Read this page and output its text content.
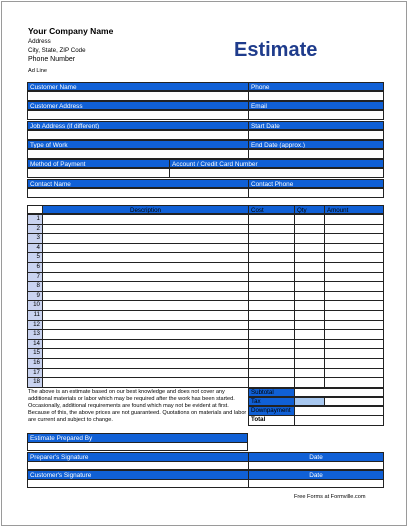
Your Company Name
Address
City, State, ZIP Code
Phone Number
Ad Line
Estimate
Customer Name	Phone
Customer Address	Email
Job Address (if different)	Start Date
Type of Work	End Date (approx.)
Method of Payment	Account / Credit Card Number
Contact Name	Contact Phone
Description	Cost	Qty	Amount
1
2
3
4
5
6
7
8
9
10
11
12
13
14
15
16
17
18
The above is an estimate based on our best knowledge and does not cover any additional materials or labor which may be required after the work has been started. Occasionally, additional requirements are found which may not be evident at first. Because of this, the above prices are not guaranteed. Quotations on materials and labor are current and subject to change.
Subtotal
Tax
Downpayment
Total
Estimate Prepared By
Preparer's Signature	Date
Customer's Signature	Date
Free Forms at Formville.com
